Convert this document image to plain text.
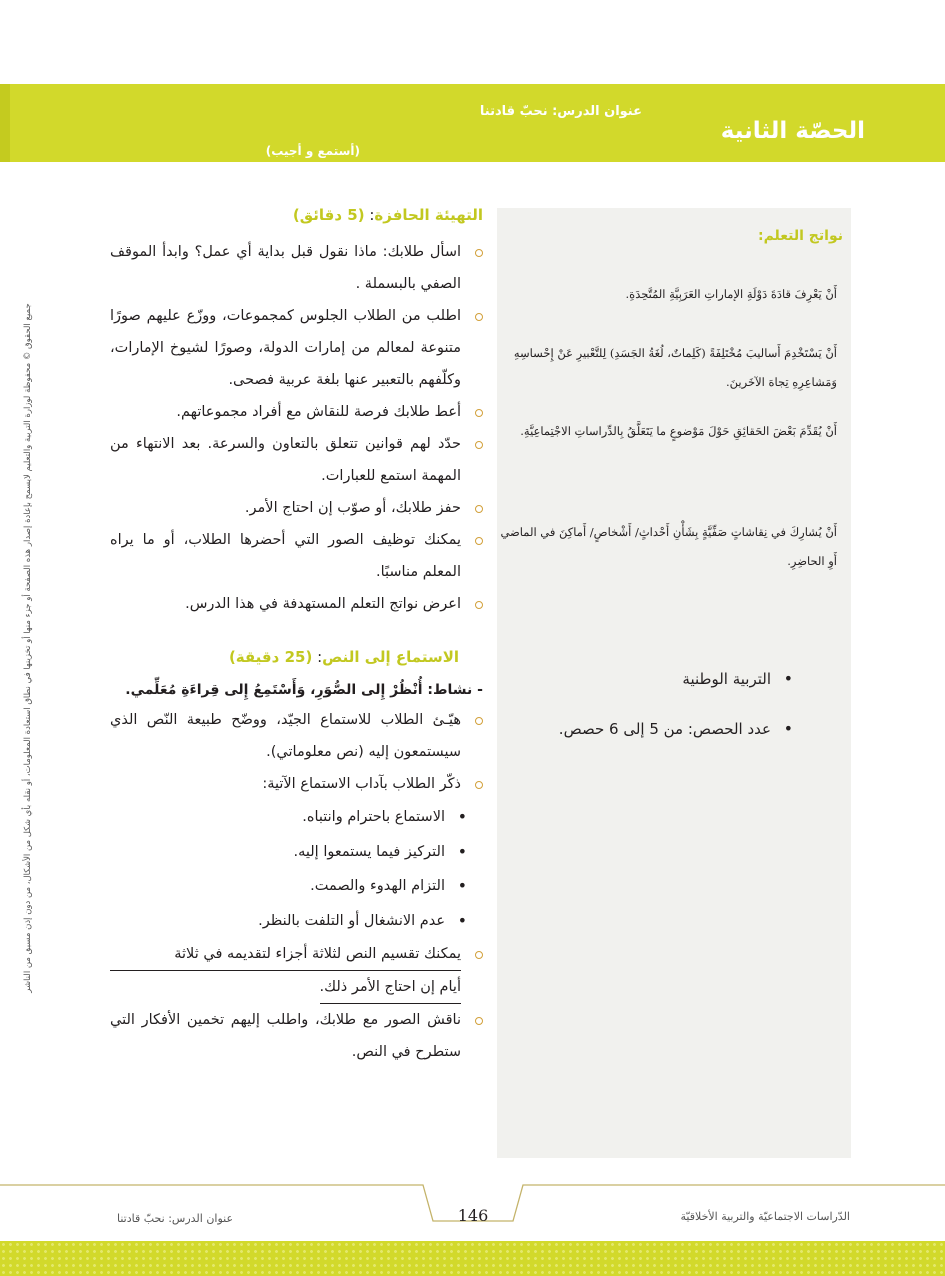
الحصّة الثانية
عنوان الدرس: نحبّ قادتنا
(أستمع و أجيب)
جميع الحقوق © محفوظة لوزارة التربية والتعليم لايسمح بإعادة إصدار هذه الصفحة أو جزء منها أو تخزينها في نطاق استعادة المعلومات، أو نقله بأي شكل من الأشكال، من دون إذن مسبق من الناشر
نواتج التعلم:
أَنْ يَعْرِفَ قادَةَ دَوْلَةِ الإماراتِ العَرَبِيَّةِ المُتَّحِدَةِ.
أَنْ يَسْتَخْدِمَ أَساليبَ مُخْتَلِفَةً (كَلِماتٌ، لُغَةُ الجَسَدِ) لِلتَّعْبيرِ عَنْ إِحْساسِهِ وَمَشاعِرِهِ تِجاهَ الآخَرينَ.
أَنْ يُقَدِّمَ بَعْضَ الحَقائِقِ حَوْلَ مَوْضوعٍ ما يَتَعَلَّقُ بِالدِّراساتِ الاجْتِماعِيَّةِ.
أَنْ يُشارِكَ في نِقاشاتٍ صَفِّيَّةٍ بِشَأْنِ أَحْداثٍ/ أَشْخاصٍ/ أَماكِنَ في الماضي أَوِ الحاضِرِ.
• التربية الوطنية
• عدد الحصص: من 5 إلى 6 حصص.
التهيئة الحافزة: (5 دقائق)
اسأل طلابك: ماذا نقول قبل بداية أي عمل؟ وابدأ الموقف الصفي بالبسملة .
اطلب من الطلاب الجلوس كمجموعات، ووزّع عليهم صورًا متنوعة لمعالم من إمارات الدولة، وصورًا لشيوخ الإمارات، وكلّفهم بالتعبير عنها بلغة عربية فصحى.
أعط طلابك فرصة للنقاش مع أفراد مجموعاتهم.
حدّد لهم قوانين تتعلق بالتعاون والسرعة. بعد الانتهاء من المهمة استمع للعبارات.
حفز طلابك، أو صوّب إن احتاج الأمر.
يمكنك توظيف الصور التي أحضرها الطلاب، أو ما يراه المعلم مناسبًا.
اعرض نواتج التعلم المستهدفة في هذا الدرس.
الاستماع إلى النص: (25 دقيقة)
- نشاط: أُنْظُرْ إِلى الصُّوَرِ، وَأَسْتَمِعُ إِلى قِراءَةِ مُعَلِّمي.
هيّـئ الطلاب للاستماع الجيّد، ووضّح طبيعة النّص الذي سيستمعون إليه (نص معلوماتي).
ذكّر الطلاب بآداب الاستماع الآتية:
• الاستماع باحترام وانتباه.
• التركيز فيما يستمعوا إليه.
• التزام الهدوء والصمت.
• عدم الانشغال أو التلفت بالنظر.
يمكنك تقسيم النص لثلاثة أجزاء لتقديمه في ثلاثة
أيام إن احتاج الأمر ذلك.
ناقش الصور مع طلابك، واطلب إليهم تخمين الأفكار التي ستطرح في النص.
146
عنوان الدرس: نحبّ قادتنا	الدّراسات الاجتماعيّة والتربية الأخلاقيّة
